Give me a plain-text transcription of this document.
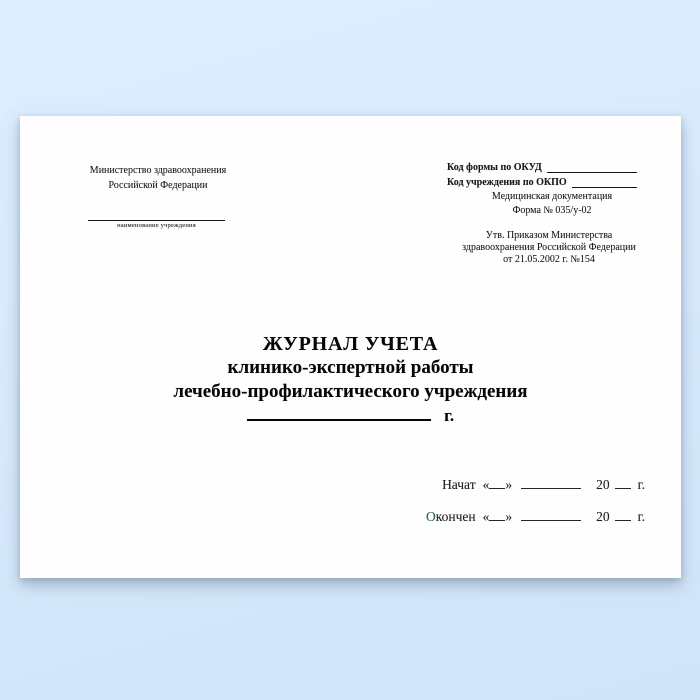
Министерство здравоохранения
Российской Федерации
наименование учреждения
Код формы по ОКУД
Код учреждения по ОКПО
Медицинская документация
Форма № 035/у-02
Утв. Приказом Министерства
здравоохранения Российской Федерации
от 21.05.2002 г. №154
ЖУРНАЛ УЧЕТА
клинико-экспертной работы
лечебно-профилактического учреждения
г.
Начат « »	20 г.
Окончен « »	20 г.
